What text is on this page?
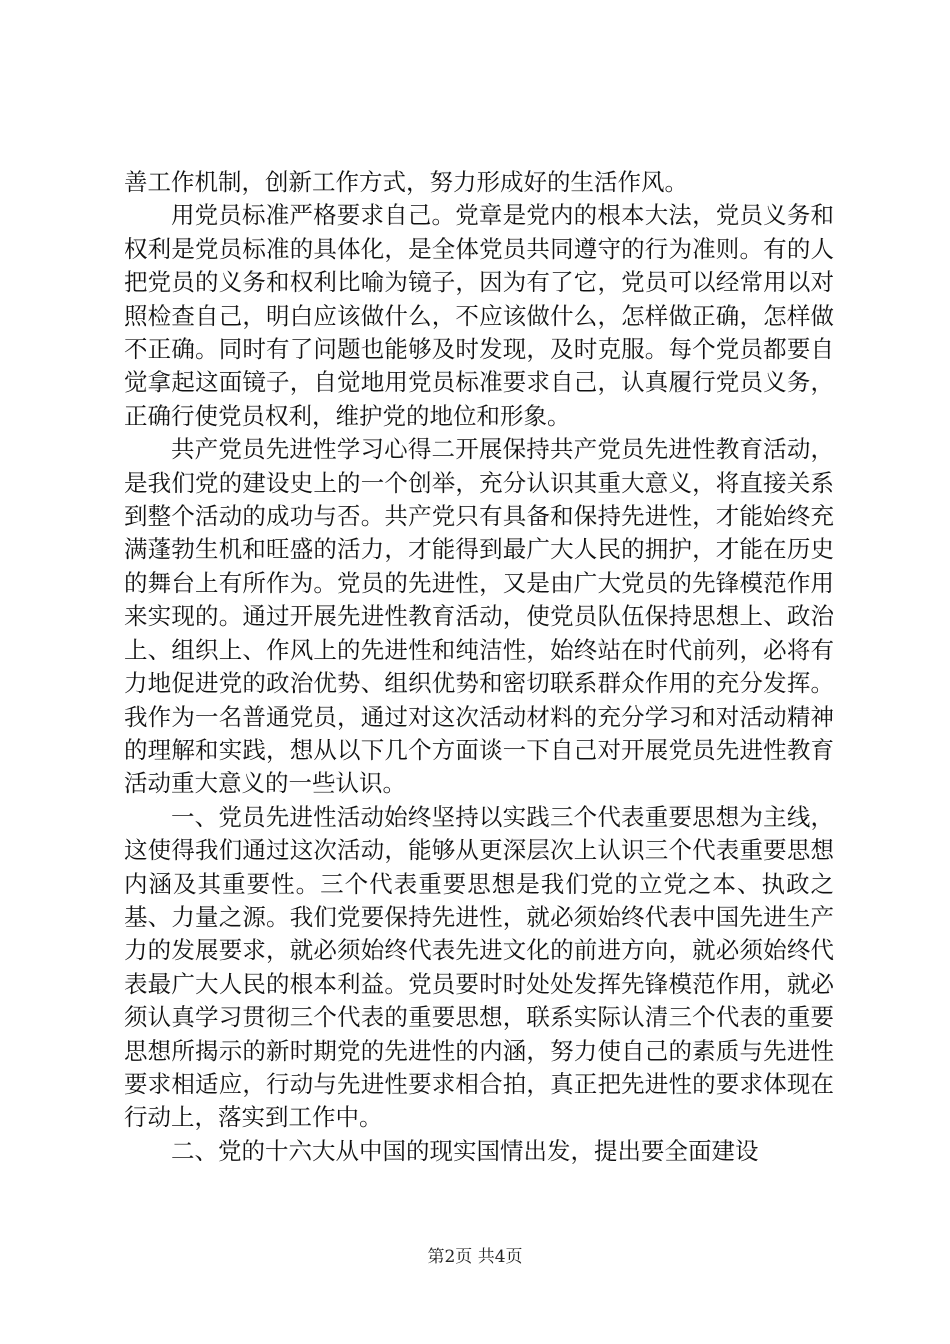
善工作机制，创新工作方式，努力形成好的生活作风。

用党员标准严格要求自己。党章是党内的根本大法，党员义务和权利是党员标准的具体化，是全体党员共同遵守的行为准则。有的人把党员的义务和权利比喻为镜子，因为有了它，党员可以经常用以对照检查自己，明白应该做什么，不应该做什么，怎样做正确，怎样做不正确。同时有了问题也能够及时发现，及时克服。每个党员都要自觉拿起这面镜子，自觉地用党员标准要求自己，认真履行党员义务，正确行使党员权利，维护党的地位和形象。

共产党员先进性学习心得二开展保持共产党员先进性教育活动，是我们党的建设史上的一个创举，充分认识其重大意义，将直接关系到整个活动的成功与否。共产党只有具备和保持先进性，才能始终充满蓬勃生机和旺盛的活力，才能得到最广大人民的拥护，才能在历史的舞台上有所作为。党员的先进性，又是由广大党员的先锋模范作用来实现的。通过开展先进性教育活动，使党员队伍保持思想上、政治上、组织上、作风上的先进性和纯洁性，始终站在时代前列，必将有力地促进党的政治优势、组织优势和密切联系群众作用的充分发挥。我作为一名普通党员，通过对这次活动材料的充分学习和对活动精神的理解和实践，想从以下几个方面谈一下自己对开展党员先进性教育活动重大意义的一些认识。

一、党员先进性活动始终坚持以实践三个代表重要思想为主线，这使得我们通过这次活动，能够从更深层次上认识三个代表重要思想内涵及其重要性。三个代表重要思想是我们党的立党之本、执政之基、力量之源。我们党要保持先进性，就必须始终代表中国先进生产力的发展要求，就必须始终代表先进文化的前进方向，就必须始终代表最广大人民的根本利益。党员要时时处处发挥先锋模范作用，就必须认真学习贯彻三个代表的重要思想，联系实际认清三个代表的重要思想所揭示的新时期党的先进性的内涵，努力使自己的素质与先进性要求相适应，行动与先进性要求相合拍，真正把先进性的要求体现在行动上，落实到工作中。

二、党的十六大从中国的现实国情出发，提出要全面建设

第2页 共4页
